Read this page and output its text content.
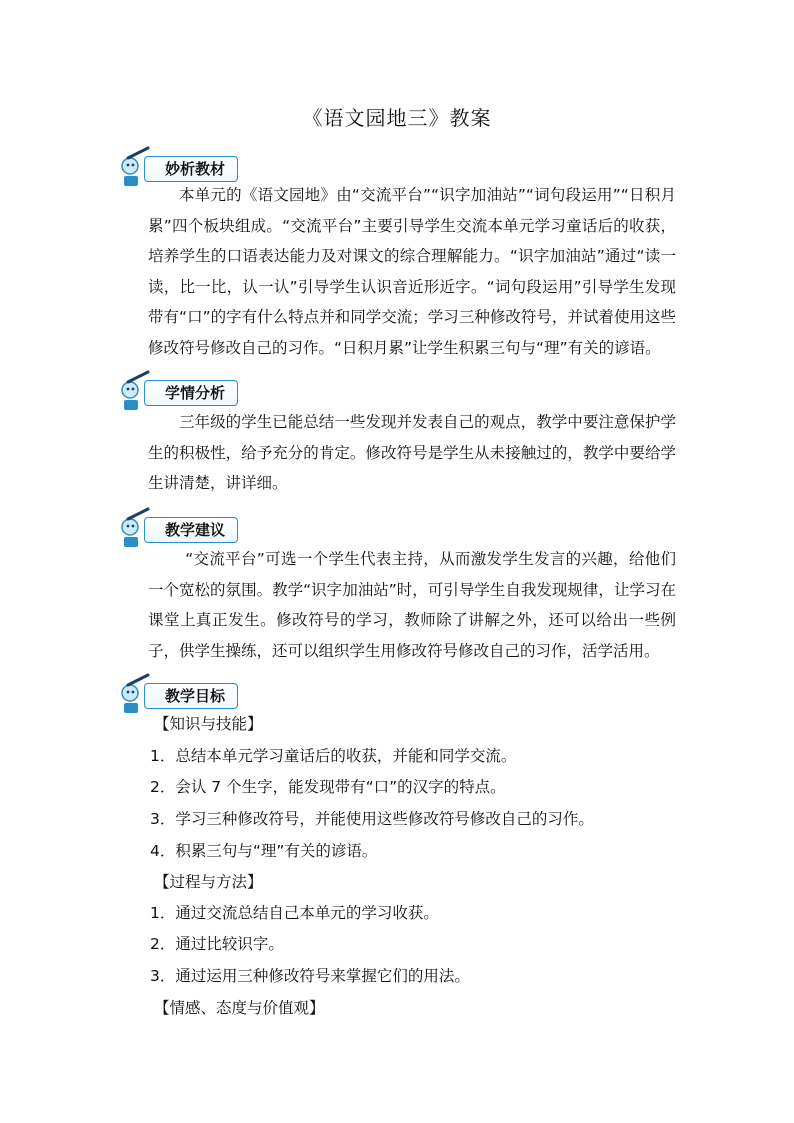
《语文园地三》教案
妙析教材
本单元的《语文园地》由“交流平台”“识字加油站”“词句段运用”“日积月累”四个板块组成。“交流平台”主要引导学生交流本单元学习童话后的收获，培养学生的口语表达能力及对课文的综合理解能力。“识字加油站”通过“读一读，比一比，认一认”引导学生认识音近形近字。“词句段运用”引导学生发现带有“口”的字有什么特点并和同学交流；学习三种修改符号，并试着使用这些修改符号修改自己的习作。“日积月累”让学生积累三句与“理”有关的谚语。
学情分析
三年级的学生已能总结一些发现并发表自己的观点，教学中要注意保护学生的积极性，给予充分的肯定。修改符号是学生从未接触过的，教学中要给学生讲清楚，讲详细。
教学建议
“交流平台”可选一个学生代表主持，从而激发学生发言的兴趣，给他们一个宽松的氛围。教学“识字加油站”时，可引导学生自我发现规律，让学习在课堂上真正发生。修改符号的学习，教师除了讲解之外，还可以给出一些例子，供学生操练，还可以组织学生用修改符号修改自己的习作，活学活用。
教学目标
【知识与技能】
1．总结本单元学习童话后的收获，并能和同学交流。
2．会认 7 个生字，能发现带有“口”的汉字的特点。
3．学习三种修改符号，并能使用这些修改符号修改自己的习作。
4．积累三句与“理”有关的谚语。
【过程与方法】
1．通过交流总结自己本单元的学习收获。
2．通过比较识字。
3．通过运用三种修改符号来掌握它们的用法。
【情感、态度与价值观】
